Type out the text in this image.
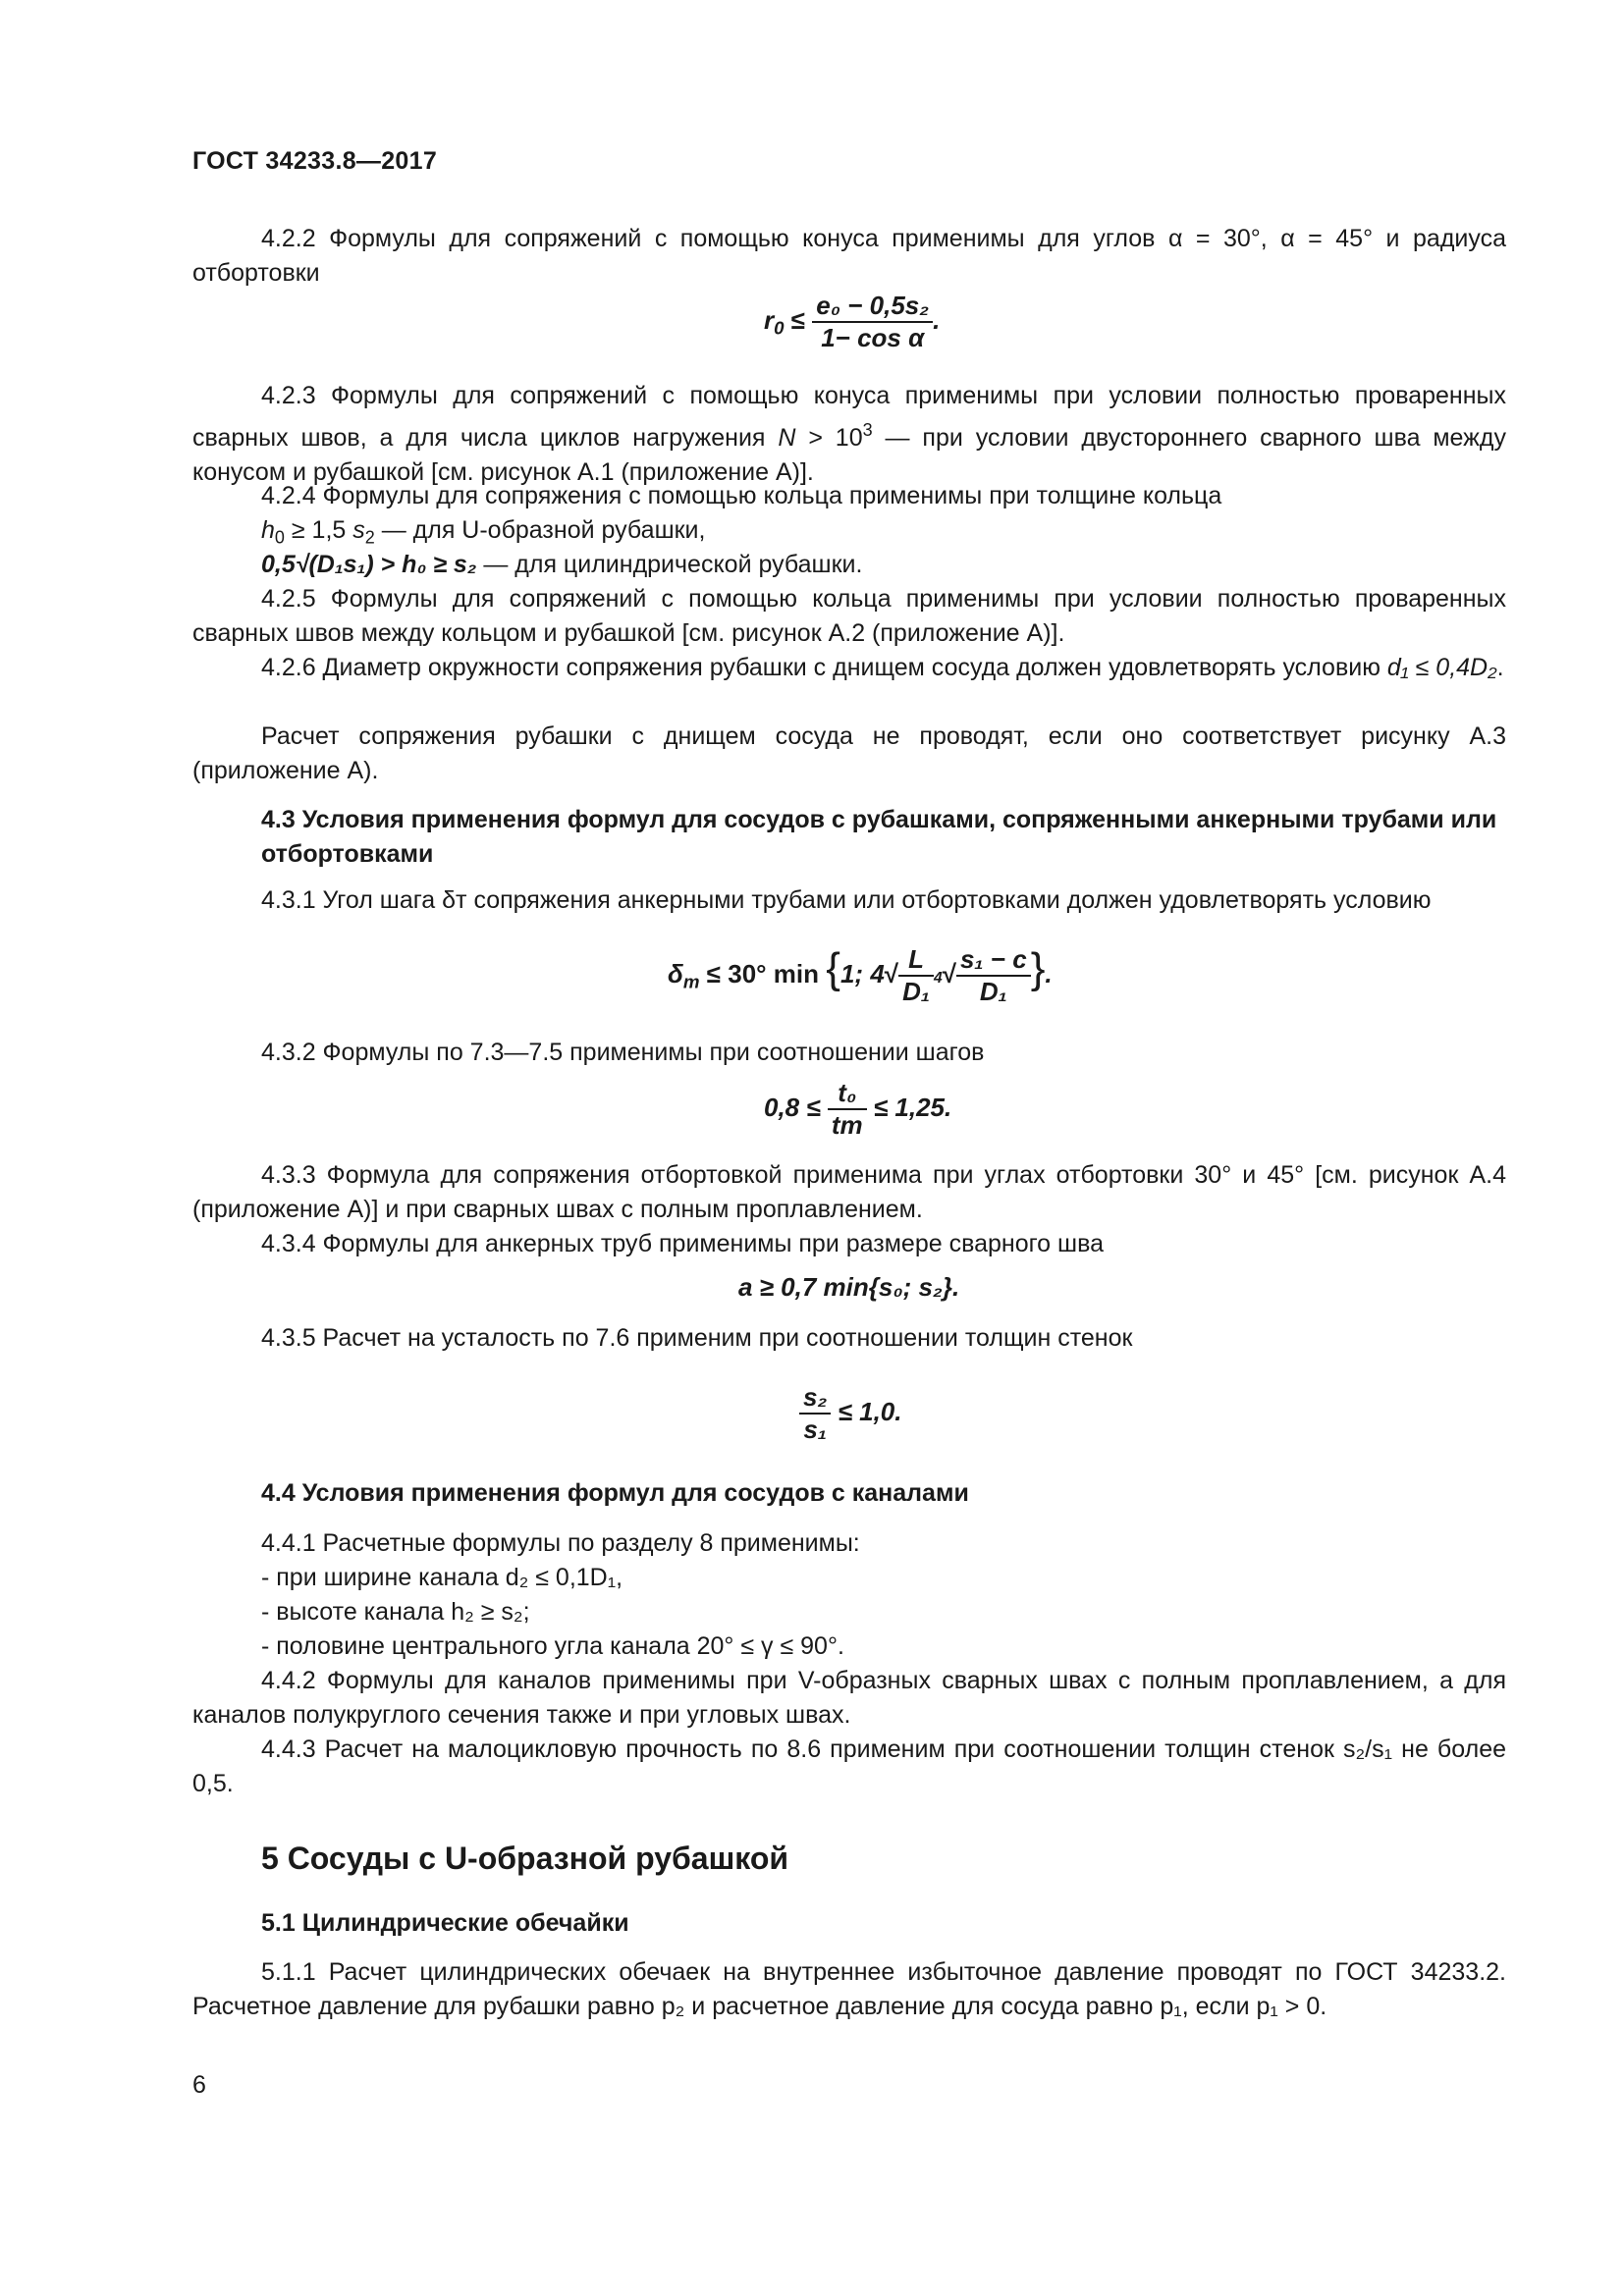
ГОСТ 34233.8—2017
4.2.2 Формулы для сопряжений с помощью конуса применимы для углов α = 30°, α = 45° и радиуса отбортовки
$r_0 \le \frac{\text{e₀ − 0,5s₂}}{\text{1− cos α}}$ .
4.2.3 Формулы для сопряжений с помощью конуса применимы при условии полностью проваренных сварных швов, а для числа циклов нагружения $N > 10^3$ — при условии двустороннего сварного шва между конусом и рубашкой [см. рисунок А.1 (приложение А)].
4.2.4 Формулы для сопряжения с помощью кольца применимы при толщине кольца
$h_0 \ge 1,5$ $s_2$ — для U-образной рубашки,
0,5√(D₁s₁) > h₀ ≥ s₂ — для цилиндрической рубашки.
4.2.5 Формулы для сопряжений с помощью кольца применимы при условии полностью проваренных сварных швов между кольцом и рубашкой [см. рисунок А.2 (приложение А)].
4.2.6 Диаметр окружности сопряжения рубашки с днищем сосуда должен удовлетворять условию d₁ ≤ 0,4D₂.
Расчет сопряжения рубашки с днищем сосуда не проводят, если оно соответствует рисунку А.3 (приложение А).
4.3 Условия применения формул для сосудов с рубашками, сопряженными анкерными трубами или отбортовками
4.3.1 Угол шага δт сопряжения анкерными трубами или отбортовками должен удовлетворять условию
$\delta_т \le 30^\circ$ min {1; $4√ \frac{L}{\text{D₁}} 4√ \frac{\text{s₁ − c}}{\text{D₁}}$ }.
4.3.2 Формулы по 7.3—7.5 применимы при соотношении шагов
$0,8 \le \frac{\text{t₀}}{tт} \le 1,25$.
4.3.3 Формула для сопряжения отбортовкой применима при углах отбортовки 30° и 45° [см. рисунок А.4 (приложение А)] и при сварных швах с полным проплавлением.
4.3.4 Формулы для анкерных труб применимы при размере сварного шва
a ≥ 0,7 min{s₀; s₂}.
4.3.5 Расчет на усталость по 7.6 применим при соотношении толщин стенок
$\frac{\text{s₂}}{\text{s₁}} \le 1,0$.
4.4 Условия применения формул для сосудов с каналами
4.4.1 Расчетные формулы по разделу 8 применимы:
- при ширине канала d₂ ≤ 0,1D₁,
- высоте канала h₂ ≥ s₂;
- половине центрального угла канала 20° ≤ γ ≤ 90°.
4.4.2 Формулы для каналов применимы при V-образных сварных швах с полным проплавлением, а для каналов полукруглого сечения также и при угловых швах.
4.4.3 Расчет на малоцикловую прочность по 8.6 применим при соотношении толщин стенок s₂/s₁ не более 0,5.
5 Сосуды с U-образной рубашкой
5.1 Цилиндрические обечайки
5.1.1 Расчет цилиндрических обечаек на внутреннее избыточное давление проводят по ГОСТ 34233.2. Расчетное давление для рубашки равно p₂ и расчетное давление для сосуда равно p₁, если p₁ > 0.
6
